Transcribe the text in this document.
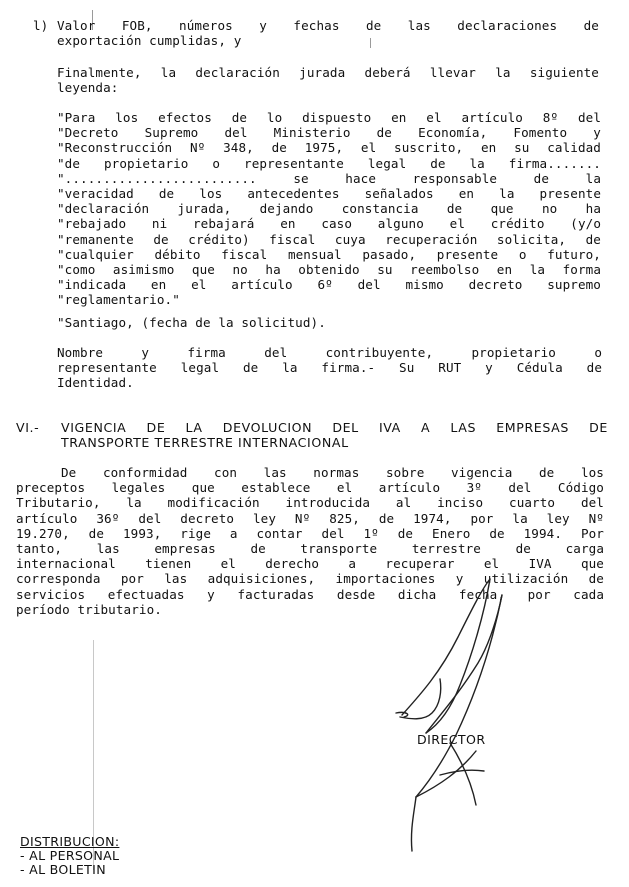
l) Valor FOB, números y fechas de las declaraciones de
exportación cumplidas, y
Finalmente, la declaración jurada deberá llevar la siguiente
leyenda:
"Para los efectos de lo dispuesto en el artículo 8º del
"Decreto Supremo del Ministerio de Economía, Fomento y
"Reconstrucción Nº 348, de 1975, el suscrito, en su calidad
"de propietario o representante legal de la firma.......
"......................... se hace responsable de la
"veracidad de los antecedentes señalados en la presente
"declaración jurada, dejando constancia de que no ha
"rebajado ni rebajará en caso alguno el crédito (y/o
"remanente de crédito) fiscal cuya recuperación solicita, de
"cualquier débito fiscal mensual pasado, presente o futuro,
"como asimismo que no ha obtenido su reembolso en la forma
"indicada en el artículo 6º del mismo decreto supremo
"reglamentario."
"Santiago, (fecha de la solicitud).
Nombre y firma del contribuyente, propietario o
representante legal de la firma.- Su RUT y Cédula de
Identidad.
VI.- VIGENCIA DE LA DEVOLUCION DEL IVA A LAS EMPRESAS DE
TRANSPORTE TERRESTRE INTERNACIONAL
De conformidad con las normas sobre vigencia de los
preceptos legales que establece el artículo 3º del Código
Tributario, la modificación introducida al inciso cuarto del
artículo 36º del decreto ley Nº 825, de 1974, por la ley Nº
19.270, de 1993, rige a contar del 1º de Enero de 1994. Por
tanto, las empresas de transporte terrestre de carga
internacional tienen el derecho a recuperar el IVA que
corresponda por las adquisiciones, importaciones y utilización de
servicios efectuadas y facturadas desde dicha fecha, por cada
período tributario.
DIRECTOR
DISTRIBUCION:
- AL PERSONAL
- AL BOLETIN
